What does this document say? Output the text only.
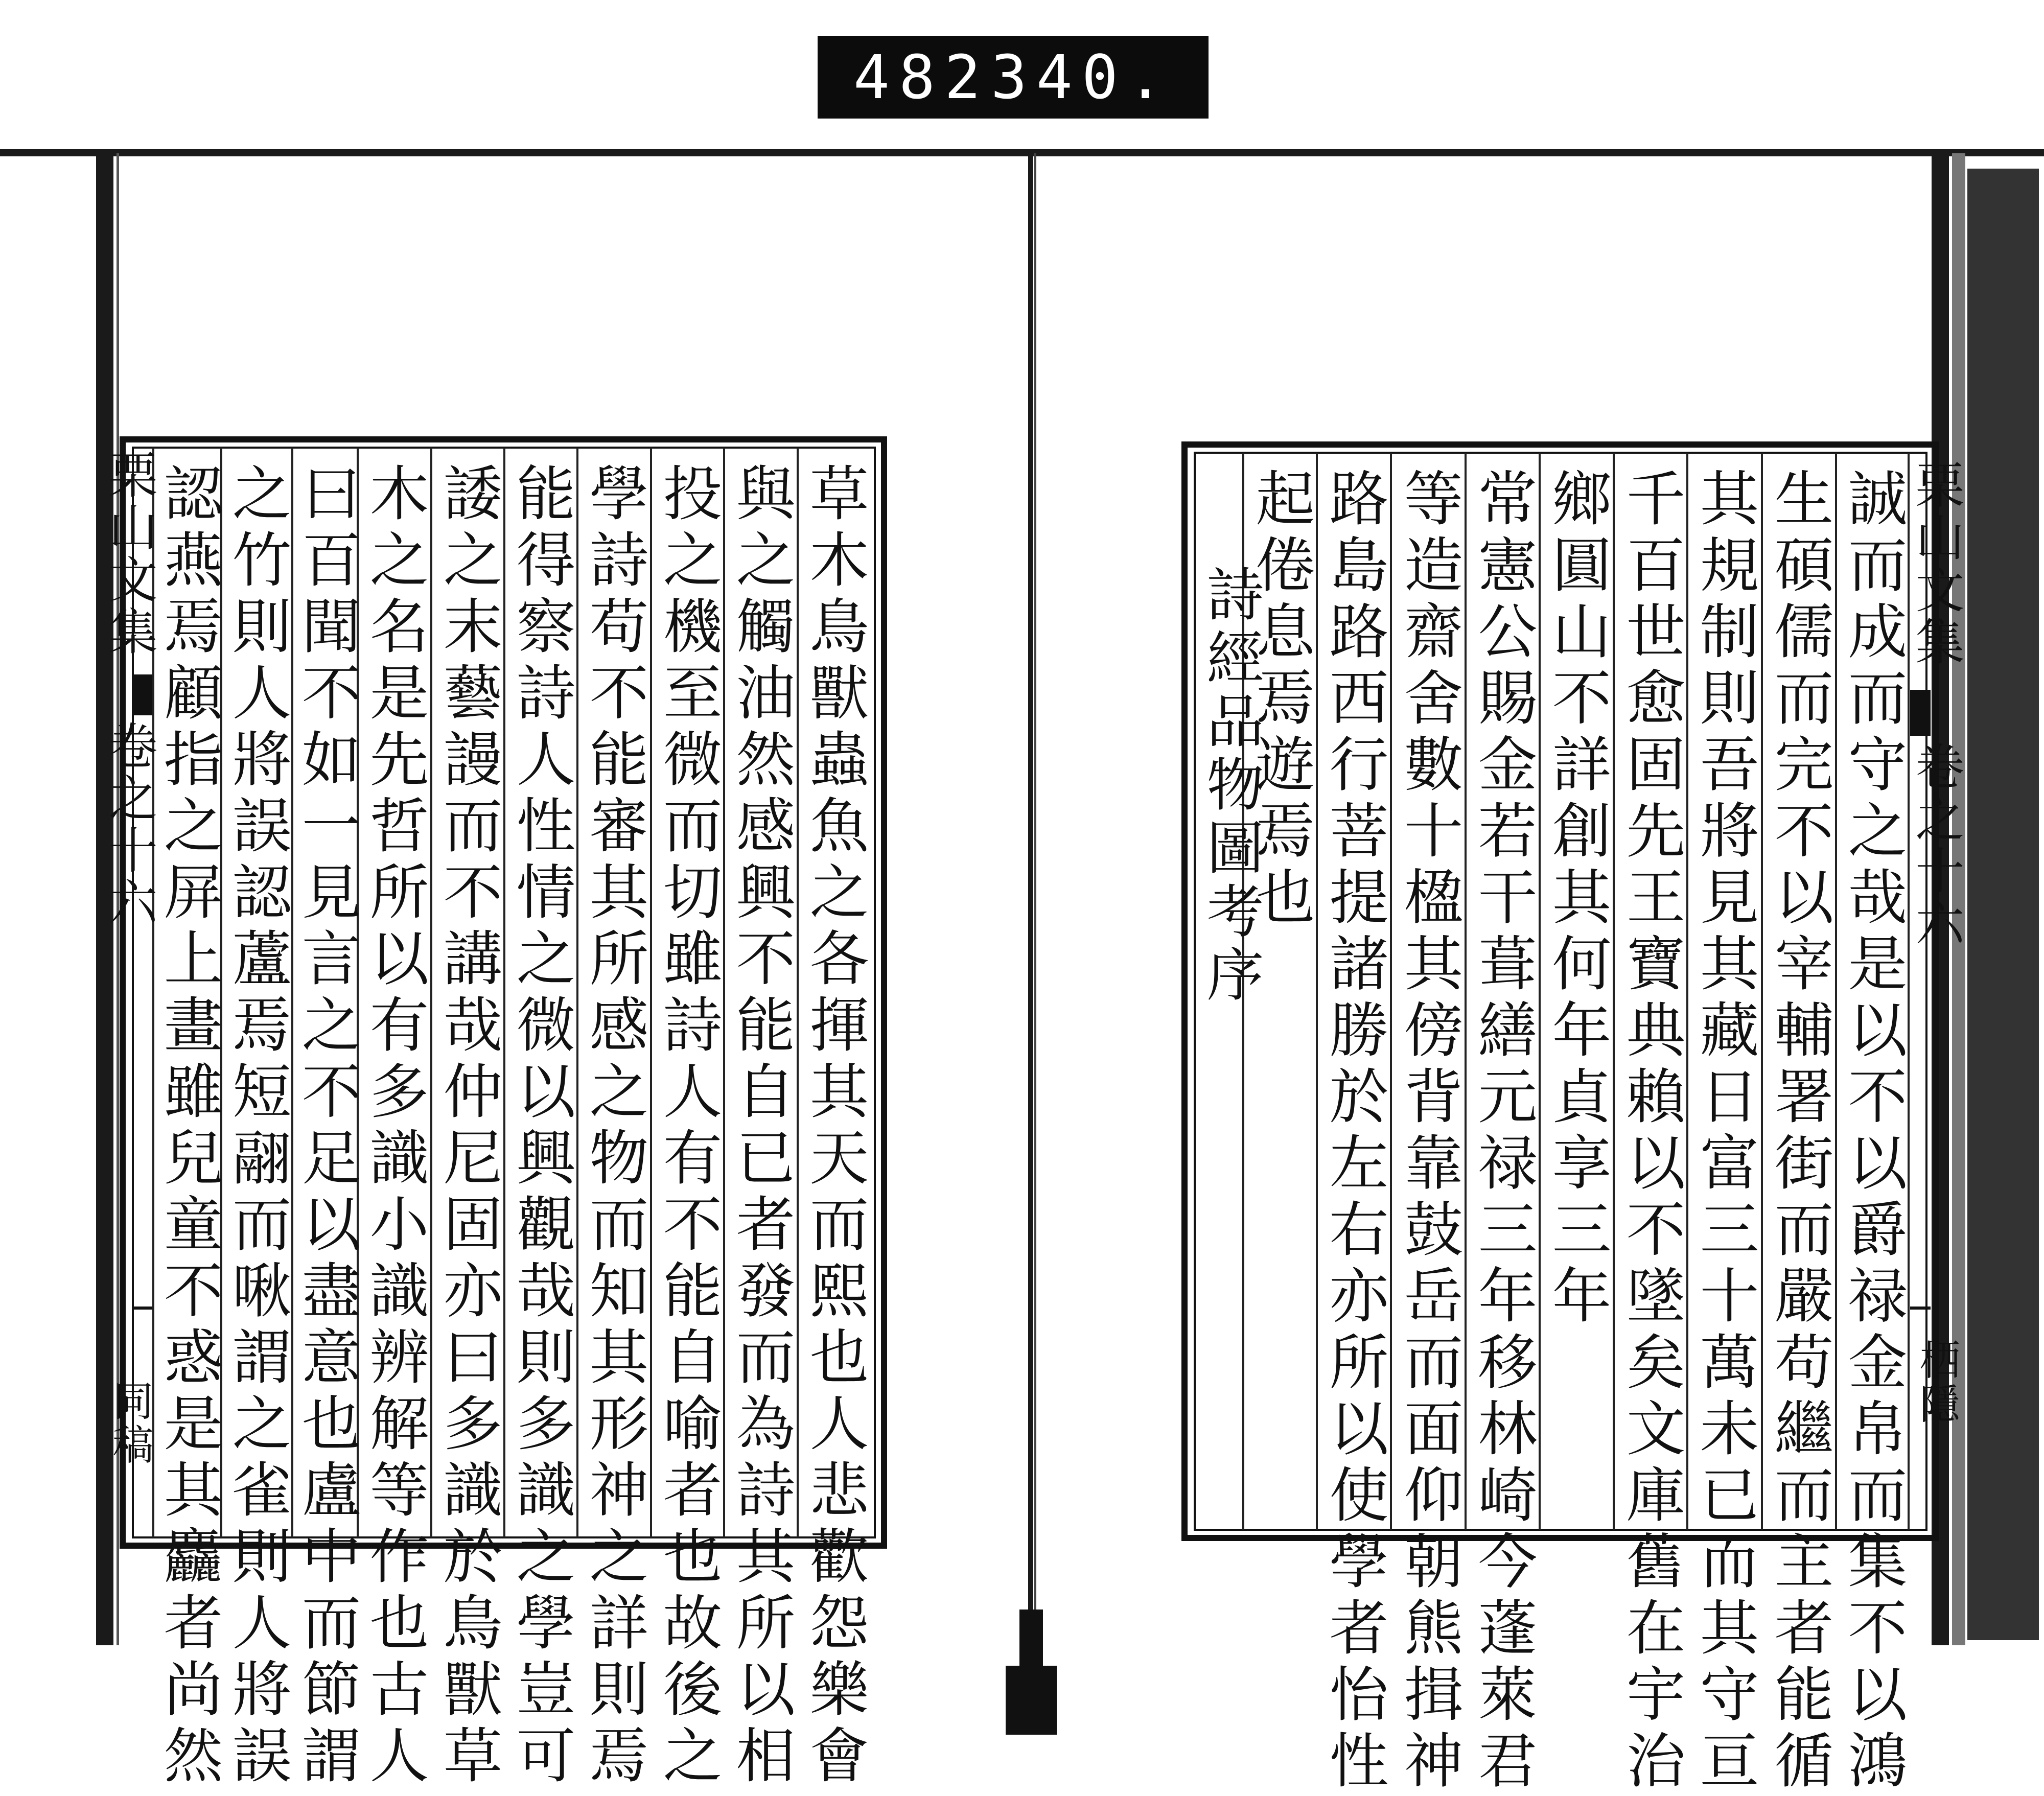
482 340.
栗山文集
卷之十六
同稿	草木鳥獸蟲魚之各揮其天而熙也人悲歡怨樂會
與之觸油然感興不能自已者發而為詩其所以相
投之機至微而切雖詩人有不能自喻者也故後之
學詩苟不能審其所感之物而知其形神之詳則焉
能得察詩人性情之微以興觀哉則多識之學豈可
諉之末藝謾而不講哉仲尼固亦曰多識於鳥獸草
木之名是先哲所以有多識小識辨解等作也古人
曰百聞不如一見言之不足以盡意也盧中而節謂
之竹則人將誤認蘆焉短翮而啾謂之雀則人將誤
認燕焉顧指之屏上畫雖兒童不惑是其麤者尚然	栗山文集
卷之十六
栖隱
誠而成而守之哉是以不以爵禄金帛而集不以鴻
生碩儒而完不以宰輔署街而嚴苟繼而主者能循
其規制則吾將見其藏日富三十萬未已而其守亘
千百世愈固先王寶典賴以不墜矣文庫舊在宇治
鄉圓山不詳創其何年貞享三年
常憲公賜金若干葺繕元禄三年移林崎今蓬萊君
等造齋舍數十楹其傍背靠鼓岳而面仰朝熊揖神
路島路西行菩提諸勝於左右亦所以使學者怡性
起倦息焉遊焉也
詩經品物圖考序
